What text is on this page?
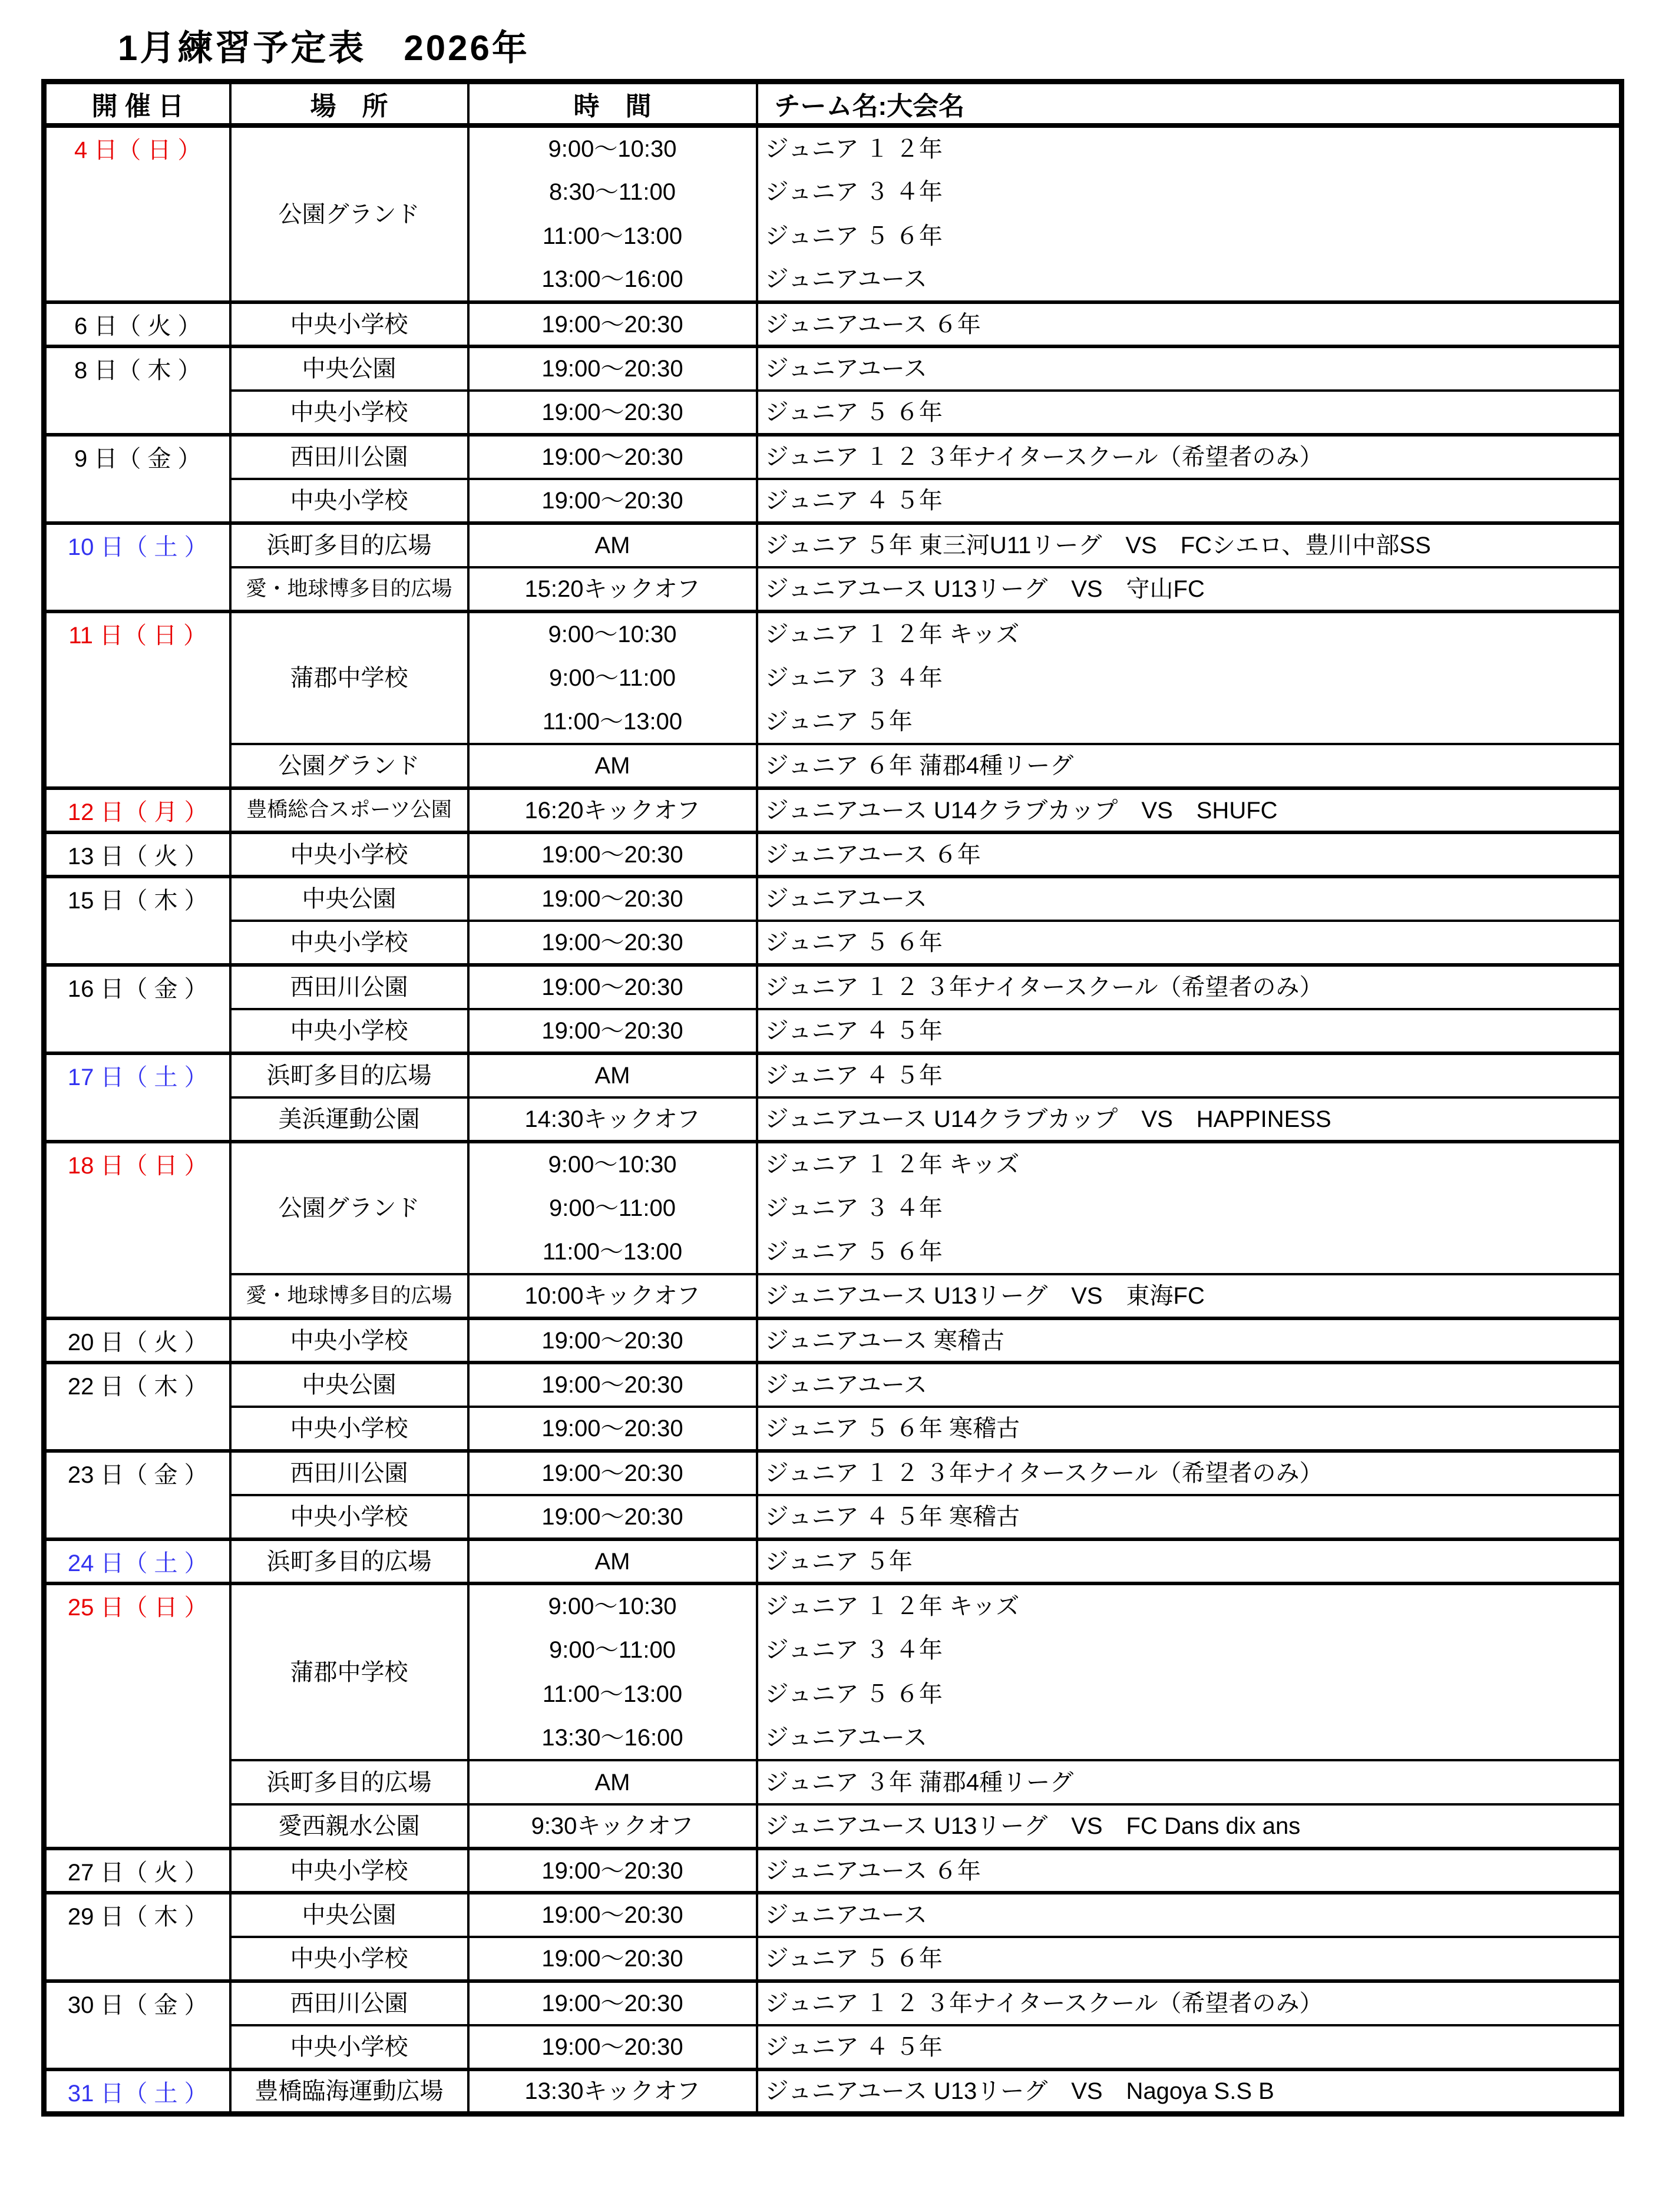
1月練習予定表　2026年
開 催 日	場　所	時　間	チーム名:大会名
4 日（ 日 ）	公園グランド	9:00～10:30	ジュニア １ ２年
		8:30～11:00	ジュニア ３ ４年
		11:00～13:00	ジュニア ５ ６年
		13:00～16:00	ジュニアユース
6 日（ 火 ）	中央小学校	19:00～20:30	ジュニアユース ６年
8 日（ 木 ）	中央公園	19:00～20:30	ジュニアユース
	中央小学校	19:00～20:30	ジュニア ５ ６年
9 日（ 金 ）	西田川公園	19:00～20:30	ジュニア １ ２ ３年ナイタースクール（希望者のみ）
	中央小学校	19:00～20:30	ジュニア ４ ５年
10 日（ 土 ）	浜町多目的広場	AM	ジュニア ５年 東三河U11リーグ　VS　FCシエロ、豊川中部SS
	愛・地球博多目的広場	15:20キックオフ	ジュニアユース U13リーグ　VS　守山FC
11 日（ 日 ）	蒲郡中学校	9:00～10:30	ジュニア １ ２年 キッズ
		9:00～11:00	ジュニア ３ ４年
		11:00～13:00	ジュニア ５年
	公園グランド	AM	ジュニア ６年 蒲郡4種リーグ
12 日（ 月 ）	豊橋総合スポーツ公園	16:20キックオフ	ジュニアユース U14クラブカップ　VS　SHUFC
13 日（ 火 ）	中央小学校	19:00～20:30	ジュニアユース ６年
15 日（ 木 ）	中央公園	19:00～20:30	ジュニアユース
	中央小学校	19:00～20:30	ジュニア ５ ６年
16 日（ 金 ）	西田川公園	19:00～20:30	ジュニア １ ２ ３年ナイタースクール（希望者のみ）
	中央小学校	19:00～20:30	ジュニア ４ ５年
17 日（ 土 ）	浜町多目的広場	AM	ジュニア ４ ５年
	美浜運動公園	14:30キックオフ	ジュニアユース U14クラブカップ　VS　HAPPINESS
18 日（ 日 ）	公園グランド	9:00～10:30	ジュニア １ ２年 キッズ
		9:00～11:00	ジュニア ３ ４年
		11:00～13:00	ジュニア ５ ６年
	愛・地球博多目的広場	10:00キックオフ	ジュニアユース U13リーグ　VS　東海FC
20 日（ 火 ）	中央小学校	19:00～20:30	ジュニアユース 寒稽古
22 日（ 木 ）	中央公園	19:00～20:30	ジュニアユース
	中央小学校	19:00～20:30	ジュニア ５ ６年 寒稽古
23 日（ 金 ）	西田川公園	19:00～20:30	ジュニア １ ２ ３年ナイタースクール（希望者のみ）
	中央小学校	19:00～20:30	ジュニア ４ ５年 寒稽古
24 日（ 土 ）	浜町多目的広場	AM	ジュニア ５年
25 日（ 日 ）	蒲郡中学校	9:00～10:30	ジュニア １ ２年 キッズ
		9:00～11:00	ジュニア ３ ４年
		11:00～13:00	ジュニア ５ ６年
		13:30～16:00	ジュニアユース
	浜町多目的広場	AM	ジュニア ３年 蒲郡4種リーグ
	愛西親水公園	9:30キックオフ	ジュニアユース U13リーグ　VS　FC Dans dix ans
27 日（ 火 ）	中央小学校	19:00～20:30	ジュニアユース ６年
29 日（ 木 ）	中央公園	19:00～20:30	ジュニアユース
	中央小学校	19:00～20:30	ジュニア ５ ６年
30 日（ 金 ）	西田川公園	19:00～20:30	ジュニア １ ２ ３年ナイタースクール（希望者のみ）
	中央小学校	19:00～20:30	ジュニア ４ ５年
31 日（ 土 ）	豊橋臨海運動広場	13:30キックオフ	ジュニアユース U13リーグ　VS　Nagoya S.S B
